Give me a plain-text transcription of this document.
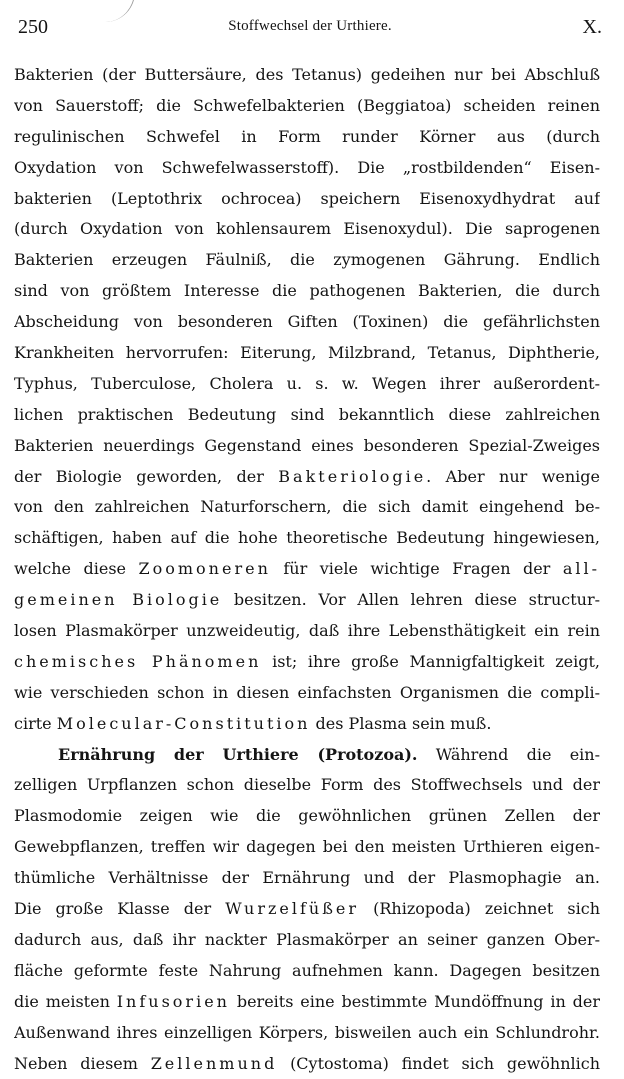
250	Stoffwechsel der Urthiere.	X.
Bakterien (der Buttersäure, des Tetanus) gedeihen nur bei Abschluß
von Sauerstoff; die Schwefelbakterien (Beggiatoa) scheiden reinen
regulinischen Schwefel in Form runder Körner aus (durch
Oxydation von Schwefelwasserstoff). Die „rostbildenden“ Eisen-
bakterien (Leptothrix ochrocea) speichern Eisenoxydhydrat auf
(durch Oxydation von kohlensaurem Eisenoxydul). Die saprogenen
Bakterien erzeugen Fäulniß, die zymogenen Gährung. Endlich
sind von größtem Interesse die pathogenen Bakterien, die durch
Abscheidung von besonderen Giften (Toxinen) die gefährlichsten
Krankheiten hervorrufen: Eiterung, Milzbrand, Tetanus, Diphtherie,
Typhus, Tuberculose, Cholera u. s. w. Wegen ihrer außerordent-
lichen praktischen Bedeutung sind bekanntlich diese zahlreichen
Bakterien neuerdings Gegenstand eines besonderen Spezial-Zweiges
der Biologie geworden, der Bakteriologie. Aber nur wenige
von den zahlreichen Naturforschern, die sich damit eingehend be-
schäftigen, haben auf die hohe theoretische Bedeutung hingewiesen,
welche diese Zoomoneren für viele wichtige Fragen der all-
gemeinen Biologie besitzen. Vor Allen lehren diese structur-
losen Plasmakörper unzweideutig, daß ihre Lebensthätigkeit ein rein
chemisches Phänomen ist; ihre große Mannigfaltigkeit zeigt,
wie verschieden schon in diesen einfachsten Organismen die compli-
cirte Molecular-Constitution des Plasma sein muß.
Ernährung der Urthiere (Protozoa). Während die ein-
zelligen Urpflanzen schon dieselbe Form des Stoffwechsels und der
Plasmodomie zeigen wie die gewöhnlichen grünen Zellen der
Gewebpflanzen, treffen wir dagegen bei den meisten Urthieren eigen-
thümliche Verhältnisse der Ernährung und der Plasmophagie an.
Die große Klasse der Wurzelfüßer (Rhizopoda) zeichnet sich
dadurch aus, daß ihr nackter Plasmakörper an seiner ganzen Ober-
fläche geformte feste Nahrung aufnehmen kann. Dagegen besitzen
die meisten Infusorien bereits eine bestimmte Mundöffnung in der
Außenwand ihres einzelligen Körpers, bisweilen auch ein Schlundrohr.
Neben diesem Zellenmund (Cytostoma) findet sich gewöhnlich
